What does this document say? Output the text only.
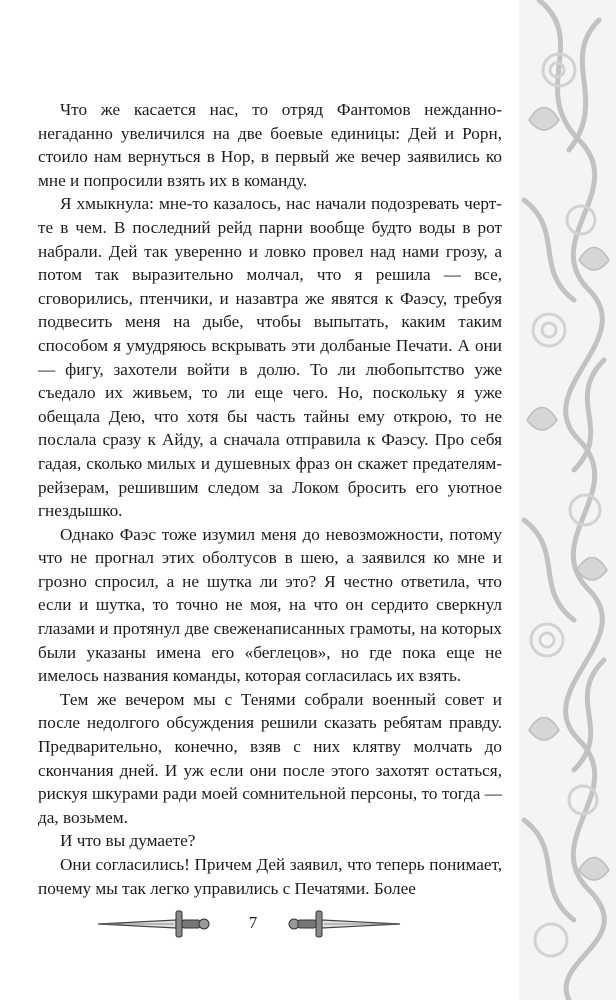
Что же касается нас, то отряд Фантомов нежданно-негаданно увеличился на две боевые единицы: Дей и Рорн, стоило нам вернуться в Нор, в первый же вечер заявились ко мне и попросили взять их в команду.

Я хмыкнула: мне-то казалось, нас начали подозревать черт-те в чем. В последний рейд парни вообще будто воды в рот набрали. Дей так уверенно и ловко провел над нами грозу, а потом так выразительно молчал, что я решила — все, сговорились, птенчики, и назавтра же явятся к Фаэсу, требуя подвесить меня на дыбе, чтобы выпытать, каким таким способом я умудряюсь вскрывать эти долбаные Печати. А они — фигу, захотели войти в долю. То ли любопытство уже съедало их живьем, то ли еще чего. Но, поскольку я уже обещала Дею, что хотя бы часть тайны ему открою, то не послала сразу к Айду, а сначала отправила к Фаэсу. Про себя гадая, сколько милых и душевных фраз он скажет предателям-рейзерам, решившим следом за Локом бросить его уютное гнездышко.

Однако Фаэс тоже изумил меня до невозможности, потому что не прогнал этих оболтусов в шею, а заявился ко мне и грозно спросил, а не шутка ли это? Я честно ответила, что если и шутка, то точно не моя, на что он сердито сверкнул глазами и протянул две свеженаписанных грамоты, на которых были указаны имена его «беглецов», но где пока еще не имелось названия команды, которая согласилась их взять.

Тем же вечером мы с Тенями собрали военный совет и после недолгого обсуждения решили сказать ребятам правду. Предварительно, конечно, взяв с них клятву молчать до скончания дней. И уж если они после этого захотят остаться, рискуя шкурами ради моей сомнительной персоны, то тогда — да, возьмем.

И что вы думаете?

Они согласились! Причем Дей заявил, что теперь понимает, почему мы так легко управились с Печатями. Более

7
